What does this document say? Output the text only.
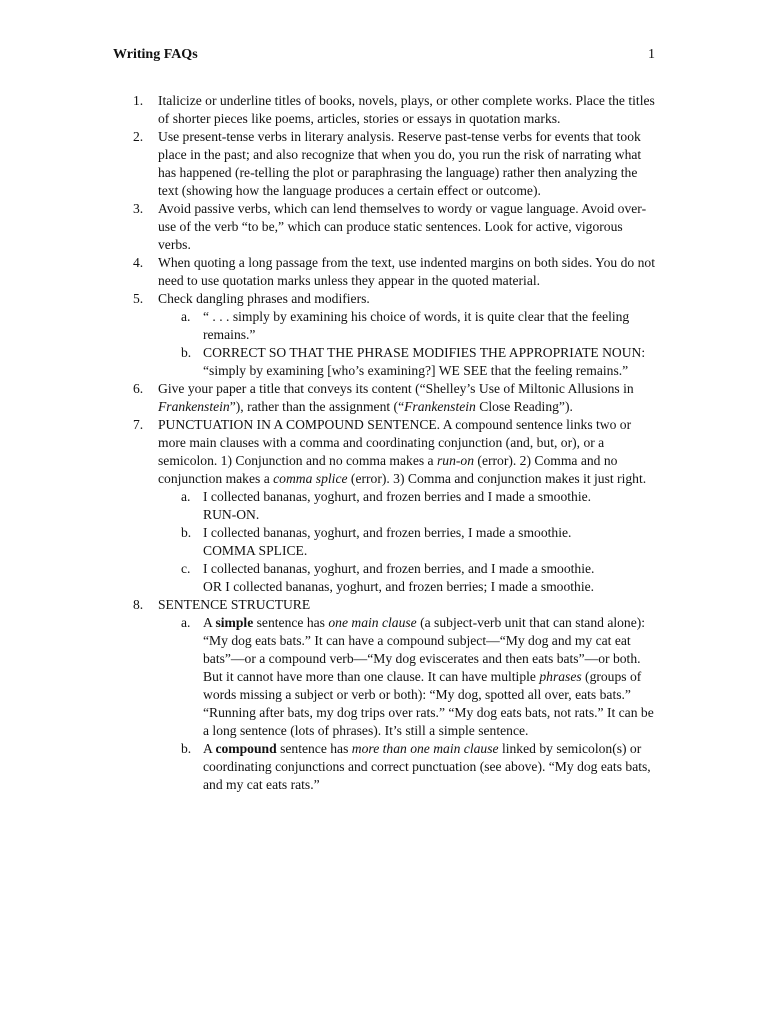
Writing FAQs	1
1. Italicize or underline titles of books, novels, plays, or other complete works. Place the titles of shorter pieces like poems, articles, stories or essays in quotation marks.
2. Use present-tense verbs in literary analysis. Reserve past-tense verbs for events that took place in the past; and also recognize that when you do, you run the risk of narrating what has happened (re-telling the plot or paraphrasing the language) rather then analyzing the text (showing how the language produces a certain effect or outcome).
3. Avoid passive verbs, which can lend themselves to wordy or vague language. Avoid over-use of the verb “to be,” which can produce static sentences. Look for active, vigorous verbs.
4. When quoting a long passage from the text, use indented margins on both sides. You do not need to use quotation marks unless they appear in the quoted material.
5. Check dangling phrases and modifiers.
a. “ . . . simply by examining his choice of words, it is quite clear that the feeling remains.”
b. CORRECT SO THAT THE PHRASE MODIFIES THE APPROPRIATE NOUN: “simply by examining [who’s examining?] WE SEE that the feeling remains.”
6. Give your paper a title that conveys its content (“Shelley’s Use of Miltonic Allusions in Frankenstein”), rather than the assignment (“Frankenstein Close Reading”).
7. PUNCTUATION IN A COMPOUND SENTENCE. A compound sentence links two or more main clauses with a comma and coordinating conjunction (and, but, or), or a semicolon. 1) Conjunction and no comma makes a run-on (error). 2) Comma and no conjunction makes a comma splice (error). 3) Comma and conjunction makes it just right.
a. I collected bananas, yoghurt, and frozen berries and I made a smoothie.
RUN-ON.
b. I collected bananas, yoghurt, and frozen berries, I made a smoothie.
COMMA SPLICE.
c. I collected bananas, yoghurt, and frozen berries, and I made a smoothie.
OR I collected bananas, yoghurt, and frozen berries; I made a smoothie.
8. SENTENCE STRUCTURE
a. A simple sentence has one main clause (a subject-verb unit that can stand alone): “My dog eats bats.” It can have a compound subject—“My dog and my cat eat bats”—or a compound verb—“My dog eviscerates and then eats bats”—or both. But it cannot have more than one clause. It can have multiple phrases (groups of words missing a subject or verb or both): “My dog, spotted all over, eats bats.” “Running after bats, my dog trips over rats.” “My dog eats bats, not rats.” It can be a long sentence (lots of phrases). It’s still a simple sentence.
b. A compound sentence has more than one main clause linked by semicolon(s) or coordinating conjunctions and correct punctuation (see above). “My dog eats bats, and my cat eats rats.”
